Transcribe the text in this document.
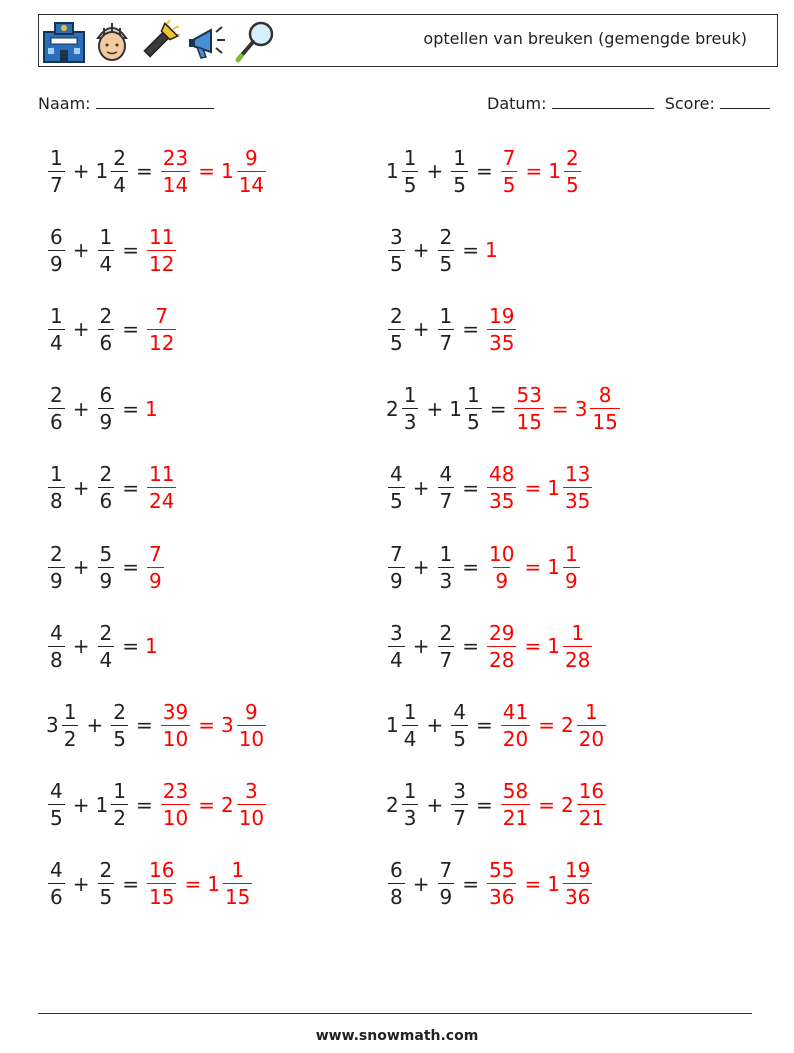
optellen van breuken (gemengde breuk)
Naam:	Datum:	Score:
$\frac{1}{7} + 1 \frac{2}{4} = \frac{23}{14} = 1 \frac{9}{14}$	$1 \frac{1}{5} + \frac{1}{5} = \frac{7}{5} = 1 \frac{2}{5}$
$\frac{6}{9} + \frac{1}{4} = \frac{11}{12}$	$\frac{3}{5} + \frac{2}{5} = 1$
$\frac{1}{4} + \frac{2}{6} = \frac{7}{12}$	$\frac{2}{5} + \frac{1}{7} = \frac{19}{35}$
$\frac{2}{6} + \frac{6}{9} = 1$	$2 \frac{1}{3} + 1 \frac{1}{5} = \frac{53}{15} = 3 \frac{8}{15}$
$\frac{1}{8} + \frac{2}{6} = \frac{11}{24}$	$\frac{4}{5} + \frac{4}{7} = \frac{48}{35} = 1 \frac{13}{35}$
$\frac{2}{9} + \frac{5}{9} = \frac{7}{9}$	$\frac{7}{9} + \frac{1}{3} = \frac{10}{9} = 1 \frac{1}{9}$
$\frac{4}{8} + \frac{2}{4} = 1$	$\frac{3}{4} + \frac{2}{7} = \frac{29}{28} = 1 \frac{1}{28}$
$3 \frac{1}{2} + \frac{2}{5} = \frac{39}{10} = 3 \frac{9}{10}$	$1 \frac{1}{4} + \frac{4}{5} = \frac{41}{20} = 2 \frac{1}{20}$
$\frac{4}{5} + 1 \frac{1}{2} = \frac{23}{10} = 2 \frac{3}{10}$	$2 \frac{1}{3} + \frac{3}{7} = \frac{58}{21} = 2 \frac{16}{21}$
$\frac{4}{6} + \frac{2}{5} = \frac{16}{15} = 1 \frac{1}{15}$	$\frac{6}{8} + \frac{7}{9} = \frac{55}{36} = 1 \frac{19}{36}$
www.snowmath.com
